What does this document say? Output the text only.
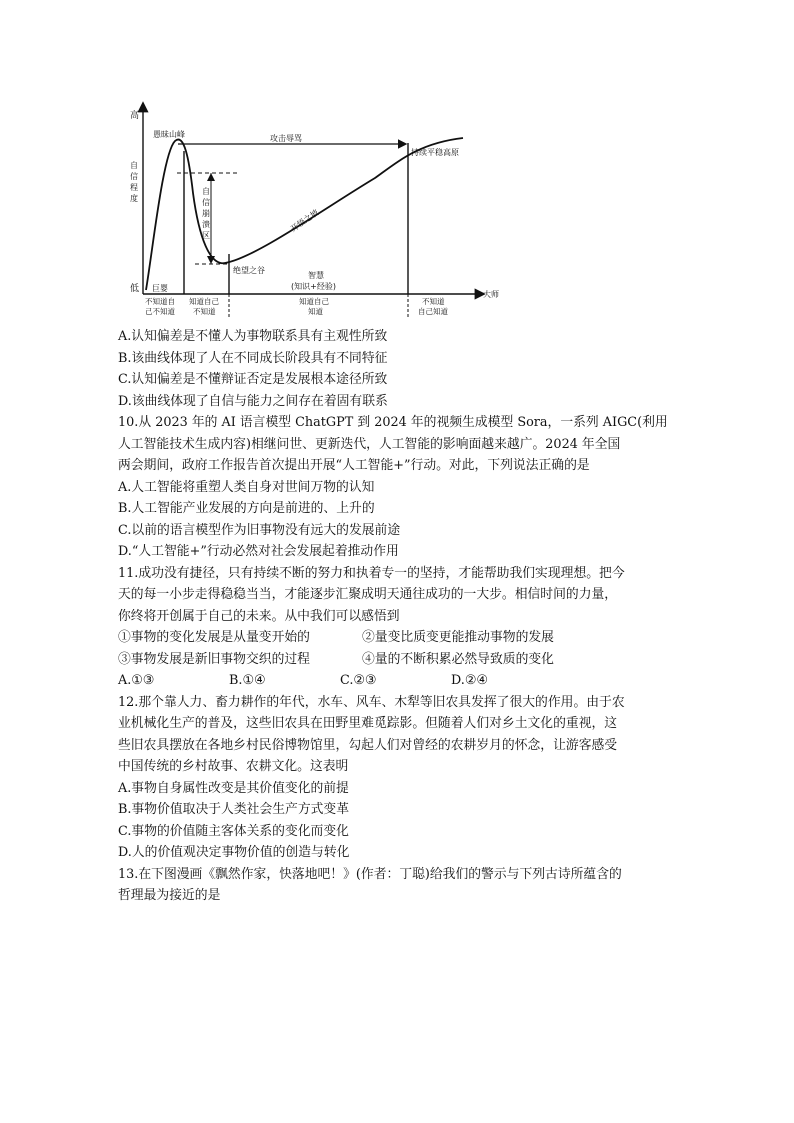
高
低
自
信
程
度
大师
愚昧山峰	攻击辱骂
持续平稳高原
自
信
崩
溃
区
绝望之谷
开悟之坡
智慧
(知识+经验)
巨婴
不知道自
己不知道
知道自己
不知道
知道自己
知道
不知道
自己知道
A.认知偏差是不懂人为事物联系具有主观性所致
B.该曲线体现了人在不同成长阶段具有不同特征
C.认知偏差是不懂辩证否定是发展根本途径所致
D.该曲线体现了自信与能力之间存在着固有联系
10.从 2023 年的 AI 语言模型 ChatGPT 到 2024 年的视频生成模型 Sora，一系列 AIGC(利用
人工智能技术生成内容)相继问世、更新迭代，人工智能的影响面越来越广。2024 年全国
两会期间，政府工作报告首次提出开展“人工智能+”行动。对此，下列说法正确的是
A.人工智能将重塑人类自身对世间万物的认知
B.人工智能产业发展的方向是前进的、上升的
C.以前的语言模型作为旧事物没有远大的发展前途
D.“人工智能+”行动必然对社会发展起着推动作用
11.成功没有捷径，只有持续不断的努力和执着专一的坚持，才能帮助我们实现理想。把今
天的每一小步走得稳稳当当，才能逐步汇聚成明天通往成功的一大步。相信时间的力量，
你终将开创属于自己的未来。从中我们可以感悟到
①事物的变化发展是从量变开始的	②量变比质变更能推动事物的发展
③事物发展是新旧事物交织的过程	④量的不断积累必然导致质的变化
A.①③	B.①④	C.②③	D.②④
12.那个靠人力、畜力耕作的年代，水车、风车、木犁等旧农具发挥了很大的作用。由于农
业机械化生产的普及，这些旧农具在田野里难觅踪影。但随着人们对乡土文化的重视，这
些旧农具摆放在各地乡村民俗博物馆里，勾起人们对曾经的农耕岁月的怀念，让游客感受
中国传统的乡村故事、农耕文化。这表明
A.事物自身属性改变是其价值变化的前提
B.事物价值取决于人类社会生产方式变革
C.事物的价值随主客体关系的变化而变化
D.人的价值观决定事物价值的创造与转化
13.在下图漫画《飘然作家，快落地吧！》(作者：丁聪)给我们的警示与下列古诗所蕴含的
哲理最为接近的是
